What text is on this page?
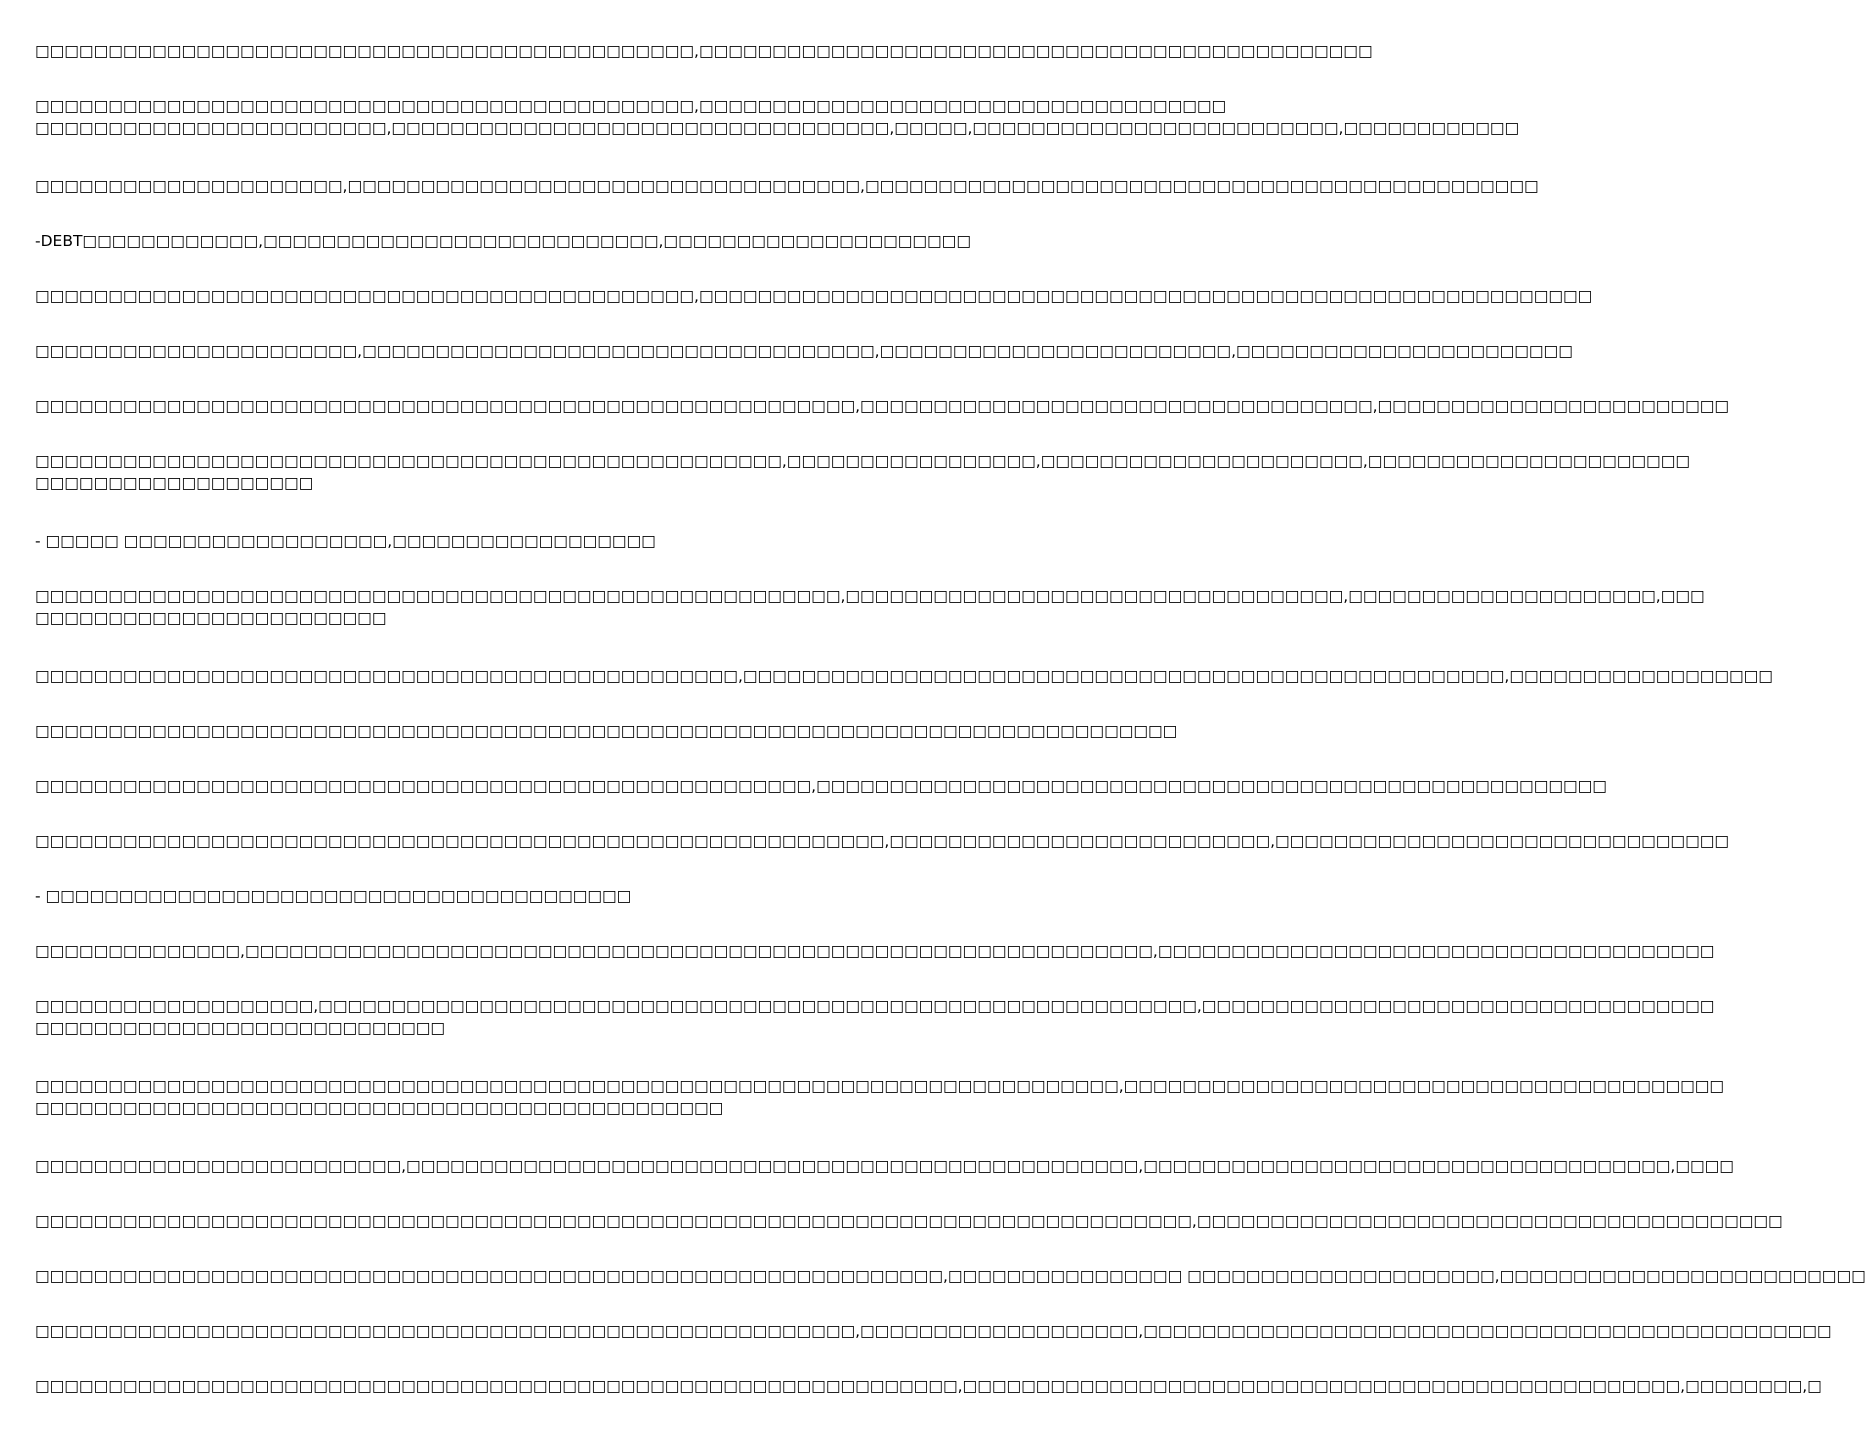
□□□□□□□□□□□□□□□□□□□□□□□□□□□□□□□□□□□□□□□□□□□□□,□□□□□□□□□□□□□□□□□□□□□□□□□□□□□□□□□□□□□□□□□□□□□□
□□□□□□□□□□□□□□□□□□□□□□□□□□□□□□□□□□□□□□□□□□□□□,□□□□□□□□□□□□□□□□□□□□□□□□□□□□□□□□□□□□
□□□□□□□□□□□□□□□□□□□□□□□□,□□□□□□□□□□□□□□□□□□□□□□□□□□□□□□□□□□,□□□□□,□□□□□□□□□□□□□□□□□□□□□□□□□,□□□□□□□□□□□□
□□□□□□□□□□□□□□□□□□□□□,□□□□□□□□□□□□□□□□□□□□□□□□□□□□□□□□□□□,□□□□□□□□□□□□□□□□□□□□□□□□□□□□□□□□□□□□□□□□□□□□□□
-DEBT□□□□□□□□□□□□,□□□□□□□□□□□□□□□□□□□□□□□□□□□,□□□□□□□□□□□□□□□□□□□□□
□□□□□□□□□□□□□□□□□□□□□□□□□□□□□□□□□□□□□□□□□□□□□,□□□□□□□□□□□□□□□□□□□□□□□□□□□□□□□□□□□□□□□□□□□□□□□□□□□□□□□□□□□□□
□□□□□□□□□□□□□□□□□□□□□□,□□□□□□□□□□□□□□□□□□□□□□□□□□□□□□□□□□□,□□□□□□□□□□□□□□□□□□□□□□□□,□□□□□□□□□□□□□□□□□□□□□□□
□□□□□□□□□□□□□□□□□□□□□□□□□□□□□□□□□□□□□□□□□□□□□□□□□□□□□□□□,□□□□□□□□□□□□□□□□□□□□□□□□□□□□□□□□□□□,□□□□□□□□□□□□□□□□□□□□□□□□
□□□□□□□□□□□□□□□□□□□□□□□□□□□□□□□□□□□□□□□□□□□□□□□□□□□,□□□□□□□□□□□□□□□□□,□□□□□□□□□□□□□□□□□□□□□□,□□□□□□□□□□□□□□□□□□□□□□
□□□□□□□□□□□□□□□□□□□
- □□□□□ □□□□□□□□□□□□□□□□□□,□□□□□□□□□□□□□□□□□□
□□□□□□□□□□□□□□□□□□□□□□□□□□□□□□□□□□□□□□□□□□□□□□□□□□□□□□□,□□□□□□□□□□□□□□□□□□□□□□□□□□□□□□□□□□,□□□□□□□□□□□□□□□□□□□□□,□□□
□□□□□□□□□□□□□□□□□□□□□□□□
□□□□□□□□□□□□□□□□□□□□□□□□□□□□□□□□□□□□□□□□□□□□□□□□,□□□□□□□□□□□□□□□□□□□□□□□□□□□□□□□□□□□□□□□□□□□□□□□□□□□□,□□□□□□□□□□□□□□□□□□
□□□□□□□□□□□□□□□□□□□□□□□□□□□□□□□□□□□□□□□□□□□□□□□□□□□□□□□□□□□□□□□□□□□□□□□□□□□□□□
□□□□□□□□□□□□□□□□□□□□□□□□□□□□□□□□□□□□□□□□□□□□□□□□□□□□□,□□□□□□□□□□□□□□□□□□□□□□□□□□□□□□□□□□□□□□□□□□□□□□□□□□□□□□
□□□□□□□□□□□□□□□□□□□□□□□□□□□□□□□□□□□□□□□□□□□□□□□□□□□□□□□□□□,□□□□□□□□□□□□□□□□□□□□□□□□□□,□□□□□□□□□□□□□□□□□□□□□□□□□□□□□□□
- □□□□□□□□□□□□□□□□□□□□□□□□□□□□□□□□□□□□□□□□
□□□□□□□□□□□□□□,□□□□□□□□□□□□□□□□□□□□□□□□□□□□□□□□□□□□□□□□□□□□□□□□□□□□□□□□□□□□□□,□□□□□□□□□□□□□□□□□□□□□□□□□□□□□□□□□□□□□□
□□□□□□□□□□□□□□□□□□□,□□□□□□□□□□□□□□□□□□□□□□□□□□□□□□□□□□□□□□□□□□□□□□□□□□□□□□□□□□□□,□□□□□□□□□□□□□□□□□□□□□□□□□□□□□□□□□□□
□□□□□□□□□□□□□□□□□□□□□□□□□□□□
□□□□□□□□□□□□□□□□□□□□□□□□□□□□□□□□□□□□□□□□□□□□□□□□□□□□□□□□□□□□□□□□□□□□□□□□□□,□□□□□□□□□□□□□□□□□□□□□□□□□□□□□□□□□□□□□□□□□
□□□□□□□□□□□□□□□□□□□□□□□□□□□□□□□□□□□□□□□□□□□□□□□
□□□□□□□□□□□□□□□□□□□□□□□□□,□□□□□□□□□□□□□□□□□□□□□□□□□□□□□□□□□□□□□□□□□□□□□□□□□□,□□□□□□□□□□□□□□□□□□□□□□□□□□□□□□□□□□□□,□□□□
□□□□□□□□□□□□□□□□□□□□□□□□□□□□□□□□□□□□□□□□□□□□□□□□□□□□□□□□□□□□□□□□□□□□□□□□□□□□□□□,□□□□□□□□□□□□□□□□□□□□□□□□□□□□□□□□□□□□□□□□
□□□□□□□□□□□□□□□□□□□□□□□□□□□□□□□□□□□□□□□□□□□□□□□□□□□□□□□□□□□□□□,□□□□□□□□□□□□□□□□ □□□□□□□□□□□□□□□□□□□□□,□□□□□□□□□□□□□□□□□□□□□□□□□
□□□□□□□□□□□□□□□□□□□□□□□□□□□□□□□□□□□□□□□□□□□□□□□□□□□□□□□□,□□□□□□□□□□□□□□□□□□□,□□□□□□□□□□□□□□□□□□□□□□□□□□□□□□□□□□□□□□□□□□□□□□□
□□□□□□□□□□□□□□□□□□□□□□□□□□□□□□□□□□□□□□□□□□□□□□□□□□□□□□□□□□□□□□□,□□□□□□□□□□□□□□□□□□□□□□□□□□□□□□□□□□□□□□□□□□□□□□□□□,□□□□□□□□,□
